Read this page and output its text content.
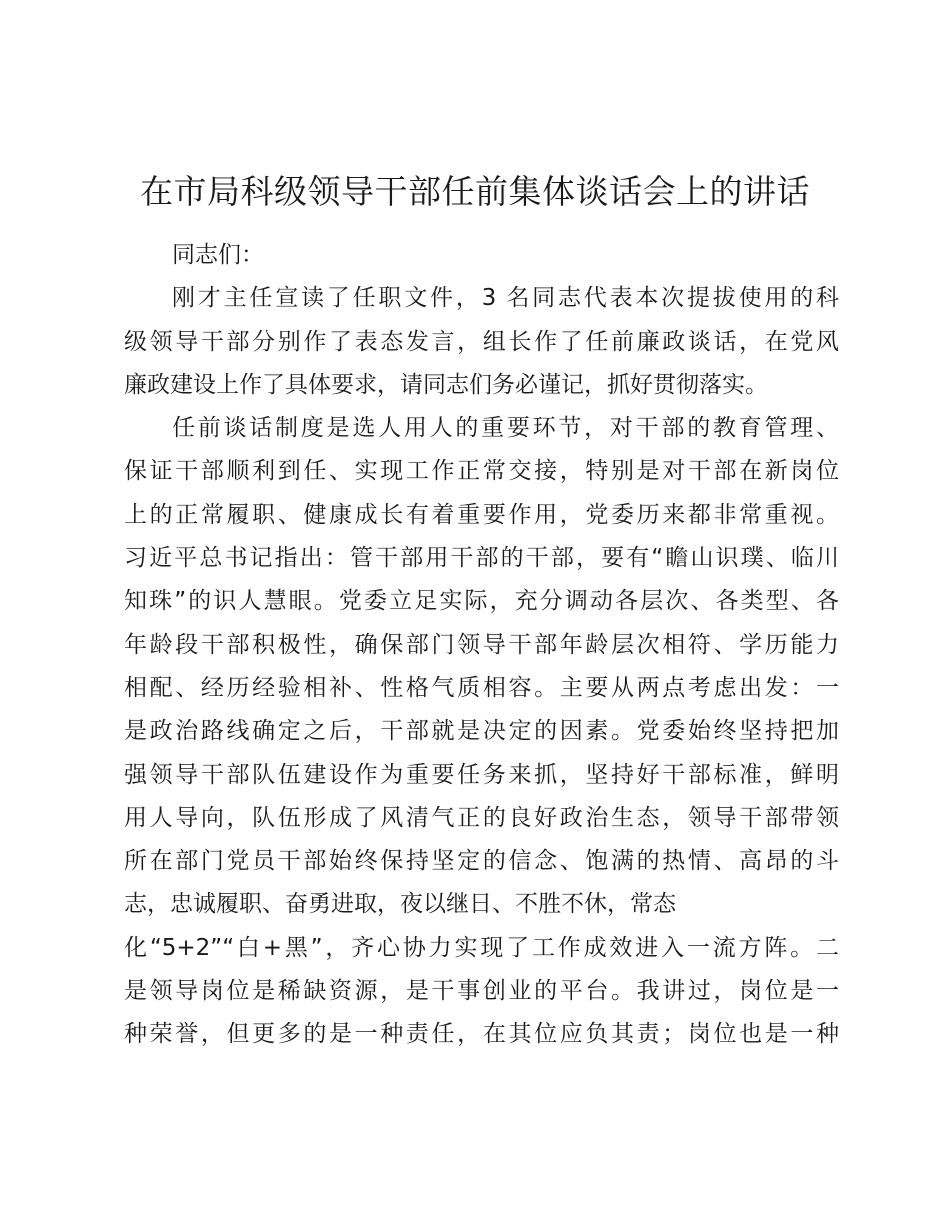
在市局科级领导干部任前集体谈话会上的讲话
同志们：
刚才主任宣读了任职文件，3 名同志代表本次提拔使用的科
级领导干部分别作了表态发言，组长作了任前廉政谈话，在党风
廉政建设上作了具体要求，请同志们务必谨记，抓好贯彻落实。
任前谈话制度是选人用人的重要环节，对干部的教育管理、
保证干部顺利到任、实现工作正常交接，特别是对干部在新岗位
上的正常履职、健康成长有着重要作用，党委历来都非常重视。
习近平总书记指出：管干部用干部的干部，要有“瞻山识璞、临川
知珠”的识人慧眼。党委立足实际，充分调动各层次、各类型、各
年龄段干部积极性，确保部门领导干部年龄层次相符、学历能力
相配、经历经验相补、性格气质相容。主要从两点考虑出发：一
是政治路线确定之后，干部就是决定的因素。党委始终坚持把加
强领导干部队伍建设作为重要任务来抓，坚持好干部标准，鲜明
用人导向，队伍形成了风清气正的良好政治生态，领导干部带领
所在部门党员干部始终保持坚定的信念、饱满的热情、高昂的斗
志，忠诚履职、奋勇进取，夜以继日、不胜不休，常态
化“5+2”“白+黑”，齐心协力实现了工作成效进入一流方阵。二
是领导岗位是稀缺资源，是干事创业的平台。我讲过，岗位是一
种荣誉，但更多的是一种责任，在其位应负其责；岗位也是一种
